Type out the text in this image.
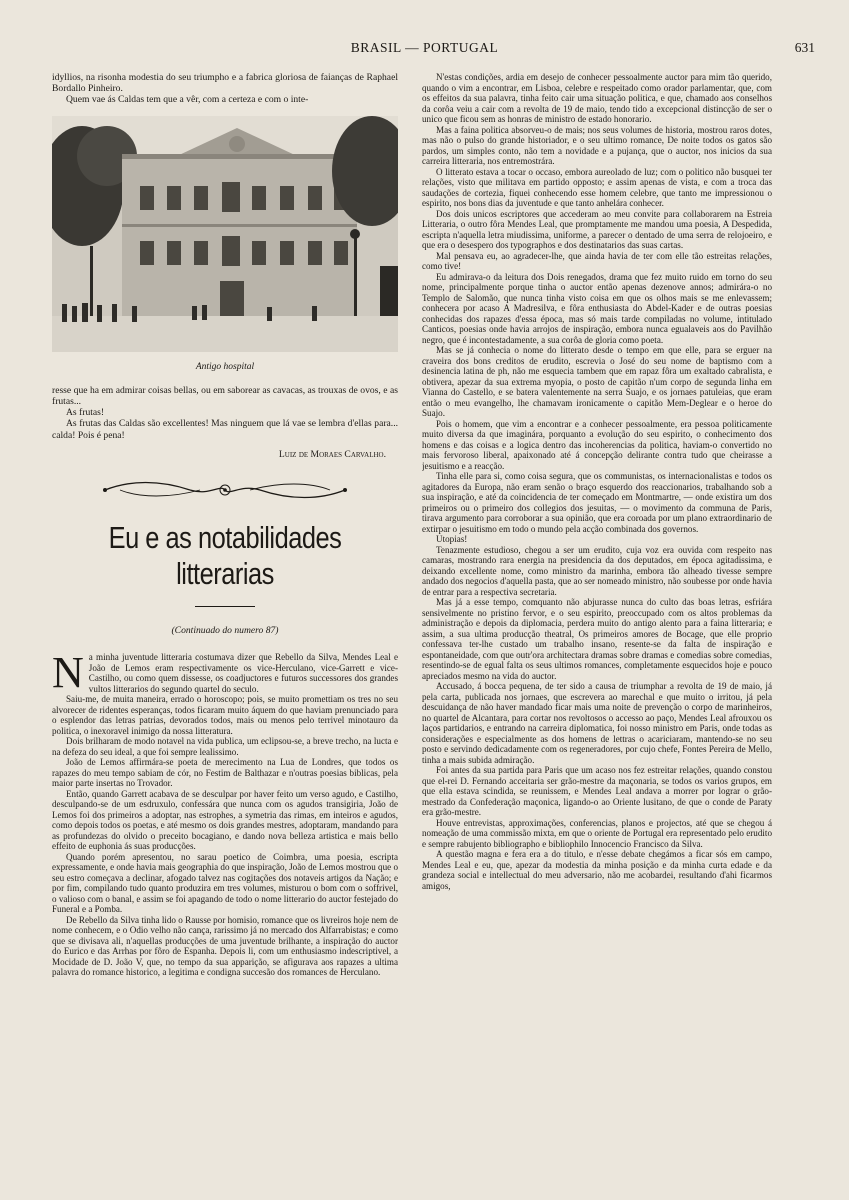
BRASIL — PORTUGAL	631

idyllios, na risonha modestia do seu triumpho e a fabrica gloriosa de faianças de Raphael Bordallo Pinheiro.

Quem vae ás Caldas tem que a vêr, com a certeza e com o inte-

Antigo hospital

resse que ha em admirar coisas bellas, ou em saborear as cavacas, as trouxas de ovos, e as frutas...

As frutas!

As frutas das Caldas são excellentes! Mas ninguem que lá vae se lembra d'ellas para... calda! Pois é pena!

Luiz de Moraes Carvalho.
Eu e as notabilidades litterarias
(Continuado do numero 87)

Na minha juventude litteraria costumava dizer que Rebello da Silva, Mendes Leal e João de Lemos eram respectivamente os vice-Herculano, vice-Garrett e vice-Castilho, ou como quem dissesse, os coadjuctores e futuros successores dos grandes vultos litterarios do segundo quartel do seculo.

Saiu-me, de muita maneira, errado o horoscopo; pois, se muito promettiam os tres no seu alvorecer de ridentes esperanças, todos ficaram muito áquem do que haviam prenunciado para o esplendor das letras patrias, devorados todos, mais ou menos pelo terrivel minotauro da politica, o inexoravel inimigo da nossa litteratura.

Dois brilharam de modo notavel na vida publica, um eclipsou-se, a breve trecho, na lucta e na defeza do seu ideal, a que foi sempre lealissimo.

João de Lemos affirmára-se poeta de merecimento na Lua de Londres, que todos os rapazes do meu tempo sabiam de cór, no Festim de Balthazar e n'outras poesias biblicas, pela maior parte insertas no Trovador.

Então, quando Garrett acabava de se desculpar por haver feito um verso agudo, e Castilho, desculpando-se de um esdruxulo, confessára que nunca com os agudos transigiria, João de Lemos foi dos primeiros a adoptar, nas estrophes, a symetria das rimas, em inteiros e agudos, como depois todos os poetas, e até mesmo os dois grandes mestres, adoptaram, mandando para as profundezas do olvido o preceito bocagiano, e dando nova belleza artistica e mais bello effeito de euphonia ás suas producções.

Quando porém apresentou, no sarau poetico de Coimbra, uma poesia, escripta expressamente, e onde havia mais geographia do que inspiração, João de Lemos mostrou que o seu estro começava a declinar, afogado talvez nas cogitações dos notaveis artigos da Nação; e por fim, compilando tudo quanto produzira em tres volumes, misturou o bom com o soffrivel, o valioso com o banal, e assim se foi apagando de todo o nome litterario do auctor festejado do Funeral e a Pomba.

De Rebello da Silva tinha lido o Rausse por homisio, romance que os livreiros hoje nem de nome conhecem, e o Odio velho não cança, rarissimo já no mercado dos Alfarrabistas; e como que se divisava ali, n'aquellas producções de uma juventude brilhante, a inspiração do auctor do Eurico e das Arrhas por fôro de Espanha. Depois li, com um enthusiasmo indescriptivel, a Mocidade de D. João V, que, no tempo da sua apparição, se afigurava aos rapazes a ultima palavra do romance historico, a legitima e condigna succesão dos romances de Herculano.

N'estas condições, ardia em desejo de conhecer pessoalmente auctor para mim tão querido, quando o vim a encontrar, em Lisboa, celebre e respeitado como orador parlamentar, que, com os effeitos da sua palavra, tinha feito cair uma situação politica, e que, chamado aos conselhos da corôa veiu a cair com a revolta de 19 de maio, tendo tido a excepcional distincção de ser o unico que ficou sem as honras de ministro de estado honorario.

Mas a faina politica absorveu-o de mais; nos seus volumes de historia, mostrou raros dotes, mas não o pulso do grande historiador, e o seu ultimo romance, De noite todos os gatos são pardos, um simples conto, não tem a novidade e a pujança, que o auctor, nos inicios da sua carreira litteraria, nos entremostrára.

O litterato estava a tocar o occaso, embora aureolado de luz; com o politico não busquei ter relações, visto que militava em partido opposto; e assim apenas de vista, e com a troca das saudações de cortezia, fiquei conhecendo esse homem celebre, que tanto me impressionou o espirito, nos bons dias da juventude e que tanto anhelára conhecer.

Dos dois unicos escriptores que accederam ao meu convite para collaborarem na Estreia Litteraria, o outro fôra Mendes Leal, que promptamente me mandou uma poesia, A Despedida, escripta n'aquella letra miudissima, uniforme, a parecer o dentado de uma serra de relojoeiro, e que era o desespero dos typographos e dos destinatarios das suas cartas.

Mal pensava eu, ao agradecer-lhe, que ainda havia de ter com elle tão estreitas relações, como tive!

Eu admirava-o da leitura dos Dois renegados, drama que fez muito ruido em torno do seu nome, principalmente porque tinha o auctor então apenas dezenove annos; admirára-o no Templo de Salomão, que nunca tinha visto coisa em que os olhos mais se me enlevassem; conhecera por acaso A Madresilva, e fôra enthusiasta do Abdel-Kader e de outras poesias conhecidas dos rapazes d'essa época, mas só mais tarde compiladas no volume, intitulado Canticos, poesias onde havia arrojos de inspiração, embora nunca egualaveis aos do Pavilhão negro, que é incontestadamente, a sua corôa de gloria como poeta.

Mas se já conhecia o nome do litterato desde o tempo em que elle, para se erguer na craveira dos bons creditos de erudito, escrevia o José do seu nome de baptismo com a desinencia latina de ph, não me esquecia tambem que em rapaz fôra um exaltado cabralista, e obtivera, apezar da sua extrema myopia, o posto de capitão n'um corpo de segunda linha em Vianna do Castello, e se batera valentemente na serra Suajo, e os jornaes patuleias, que eram então o meu evangelho, lhe chamavam ironicamente o capitão Mem-Deglear e o heroe do Suajo.

Pois o homem, que vim a encontrar e a conhecer pessoalmente, era pessoa politicamente muito diversa da que imaginára, porquanto a evolução do seu espirito, o conhecimento dos homens e das coisas e a logica dentro das incoherencias da politica, haviam-o convertido no mais fervoroso liberal, apaixonado até á concepção delirante contra tudo que cheirasse a jesuitismo e a reacção.

Tinha elle para si, como coisa segura, que os communistas, os internacionalistas e todos os agitadores da Europa, não eram senão o braço esquerdo dos reaccionarios, trabalhando sob a sua inspiração, e até da coincidencia de ter começado em Montmartre, — onde existira um dos primeiros ou o primeiro dos collegios dos jesuitas, — o movimento da communa de Paris, tirava argumento para corroborar a sua opinião, que era coroada por um plano extraordinario de extirpar o jesuitismo em todo o mundo pela acção combinada dos governos.

Utopias!

Tenazmente estudioso, chegou a ser um erudito, cuja voz era ouvida com respeito nas camaras, mostrando rara energia na presidencia da dos deputados, em época agitadissima, e deixando excellente nome, como ministro da marinha, embora tão alheado tivesse sempre andado dos negocios d'aquella pasta, que ao ser nomeado ministro, não soubesse por onde havia de entrar para a respectiva secretaria.

Mas já a esse tempo, comquanto não abjurasse nunca do culto das boas letras, esfriára sensivelmente no pristino fervor, e o seu espirito, preoccupado com os altos problemas da administração e depois da diplomacia, perdera muito do antigo alento para a faina litteraria; e assim, a sua ultima producção theatral, Os primeiros amores de Bocage, que elle proprio confessava ter-lhe custado um trabalho insano, resente-se da falta de inspiração e espontaneidade, com que outr'ora architectara dramas sobre dramas e comedias sobre comedias, resentindo-se de egual falta os seus ultimos romances, completamente esquecidos hoje e pouco apreciados mesmo na vida do auctor.

Accusado, á bocca pequena, de ter sido a causa de triumphar a revolta de 19 de maio, já pela carta, publicada nos jornaes, que escrevera ao marechal e que muito o irritou, já pela descuidança de não haver mandado ficar mais uma noite de prevenção o corpo de marinheiros, no quartel de Alcantara, para cortar nos revoltosos o accesso ao paço, Mendes Leal afrouxou os laços partidarios, e entrando na carreira diplomatica, foi nosso ministro em Paris, onde todas as considerações e especialmente as dos homens de lettras o acariciaram, mantendo-se no seu posto e servindo dedicadamente com os regeneradores, por cujo chefe, Fontes Pereira de Mello, tinha a mais subida admiração.

Foi antes da sua partida para Paris que um acaso nos fez estreitar relações, quando constou que el-rei D. Fernando acceitaria ser grão-mestre da maçonaria, se todos os varios grupos, em que ella estava scindida, se reunissem, e Mendes Leal andava a morrer por lograr o grão-mestrado da Confederação maçonica, ligando-o ao Oriente lusitano, de que o conde de Paraty era grão-mestre.

Houve entrevistas, approximações, conferencias, planos e projectos, até que se chegou á nomeação de uma commissão mixta, em que o oriente de Portugal era representado pelo erudito e sempre rabujento bibliographo e bibliophilo Innocencio Francisco da Silva.

A questão magna e fera era a do titulo, e n'esse debate chegámos a ficar sós em campo, Mendes Leal e eu, que, apezar da modestia da minha posição e da minha curta edade e da grandeza social e intellectual do meu adversario, não me acobardei, resultando d'ahi ficarmos amigos,
